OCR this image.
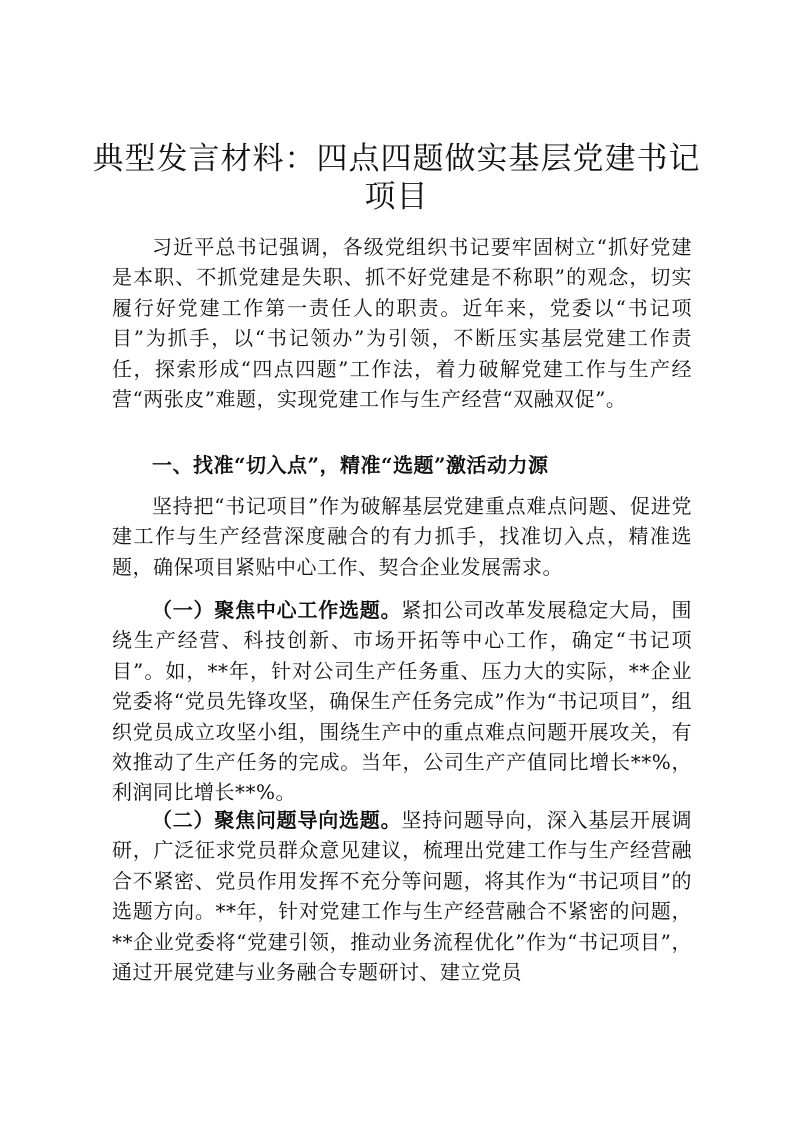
典型发言材料：四点四题做实基层党建书记项目

习近平总书记强调，各级党组织书记要牢固树立“抓好党建是本职、不抓党建是失职、抓不好党建是不称职”的观念，切实履行好党建工作第一责任人的职责。近年来，党委以“书记项目”为抓手，以“书记领办”为引领，不断压实基层党建工作责任，探索形成“四点四题”工作法，着力破解党建工作与生产经营“两张皮”难题，实现党建工作与生产经营“双融双促”。

一、找准“切入点”，精准“选题”激活动力源

坚持把“书记项目”作为破解基层党建重点难点问题、促进党建工作与生产经营深度融合的有力抓手，找准切入点，精准选题，确保项目紧贴中心工作、契合企业发展需求。

（一）聚焦中心工作选题。紧扣公司改革发展稳定大局，围绕生产经营、科技创新、市场开拓等中心工作，确定“书记项目”。如，**年，针对公司生产任务重、压力大的实际，**企业党委将“党员先锋攻坚，确保生产任务完成”作为“书记项目”，组织党员成立攻坚小组，围绕生产中的重点难点问题开展攻关，有效推动了生产任务的完成。当年，公司生产产值同比增长**%，利润同比增长**%。

（二）聚焦问题导向选题。坚持问题导向，深入基层开展调研，广泛征求党员群众意见建议，梳理出党建工作与生产经营融合不紧密、党员作用发挥不充分等问题，将其作为“书记项目”的选题方向。**年，针对党建工作与生产经营融合不紧密的问题，**企业党委将“党建引领，推动业务流程优化”作为“书记项目”，通过开展党建与业务融合专题研讨、建立党员
